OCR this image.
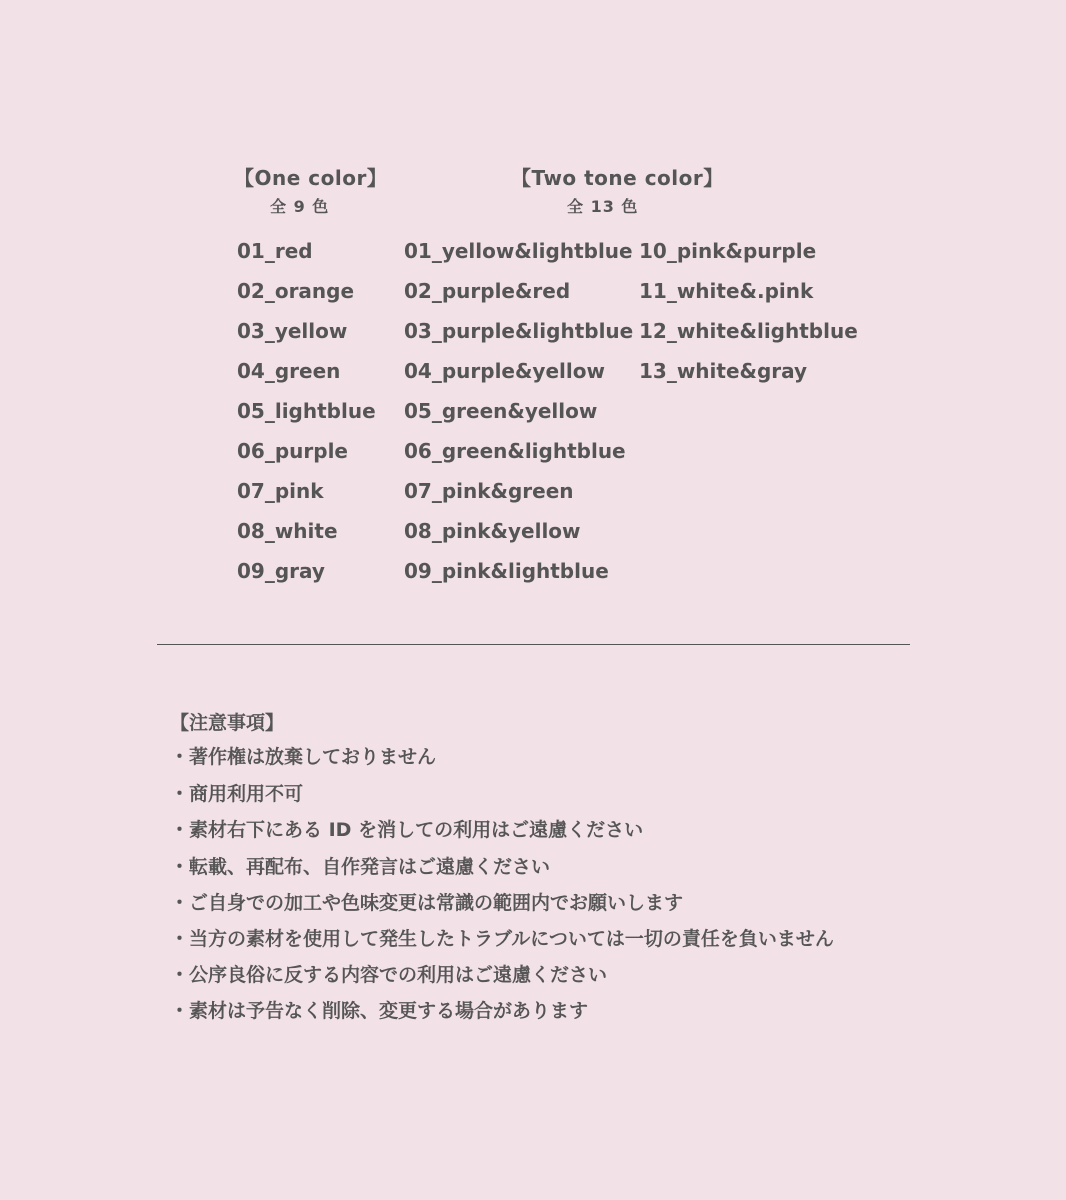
【One color】
全 9 色
【Two tone color】
全 13 色
01_red
02_orange
03_yellow
04_green
05_lightblue
06_purple
07_pink
08_white
09_gray
01_yellow&lightblue
02_purple&red
03_purple&lightblue
04_purple&yellow
05_green&yellow
06_green&lightblue
07_pink&green
08_pink&yellow
09_pink&lightblue
10_pink&purple
11_white&.pink
12_white&lightblue
13_white&gray
【注意事項】
・著作権は放棄しておりません
・商用利用不可
・素材右下にある ID を消しての利用はご遠慮ください
・転載、再配布、自作発言はご遠慮ください
・ご自身での加工や色味変更は常識の範囲内でお願いします
・当方の素材を使用して発生したトラブルについては一切の責任を負いません
・公序良俗に反する内容での利用はご遠慮ください
・素材は予告なく削除、変更する場合があります
